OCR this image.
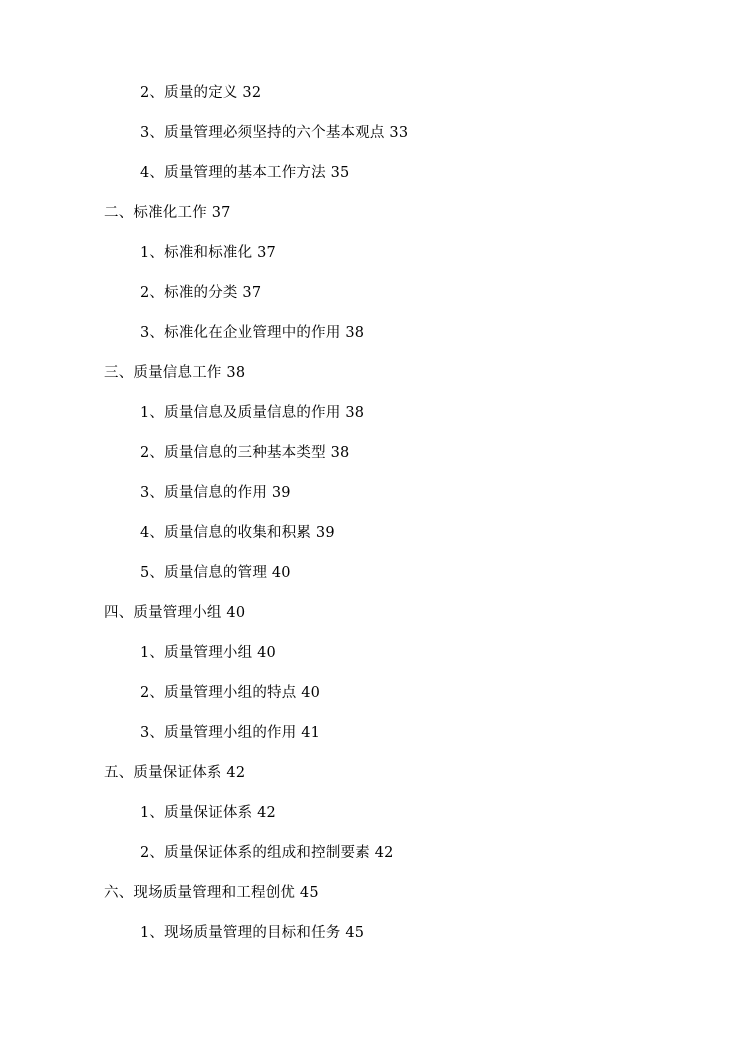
2、质量的定义 32
3、质量管理必须坚持的六个基本观点 33
4、质量管理的基本工作方法 35
二、标准化工作 37
1、标准和标准化 37
2、标准的分类 37
3、标准化在企业管理中的作用 38
三、质量信息工作 38
1、质量信息及质量信息的作用 38
2、质量信息的三种基本类型 38
3、质量信息的作用 39
4、质量信息的收集和积累 39
5、质量信息的管理 40
四、质量管理小组 40
1、质量管理小组 40
2、质量管理小组的特点 40
3、质量管理小组的作用 41
五、质量保证体系 42
1、质量保证体系 42
2、质量保证体系的组成和控制要素 42
六、现场质量管理和工程创优 45
1、现场质量管理的目标和任务 45
